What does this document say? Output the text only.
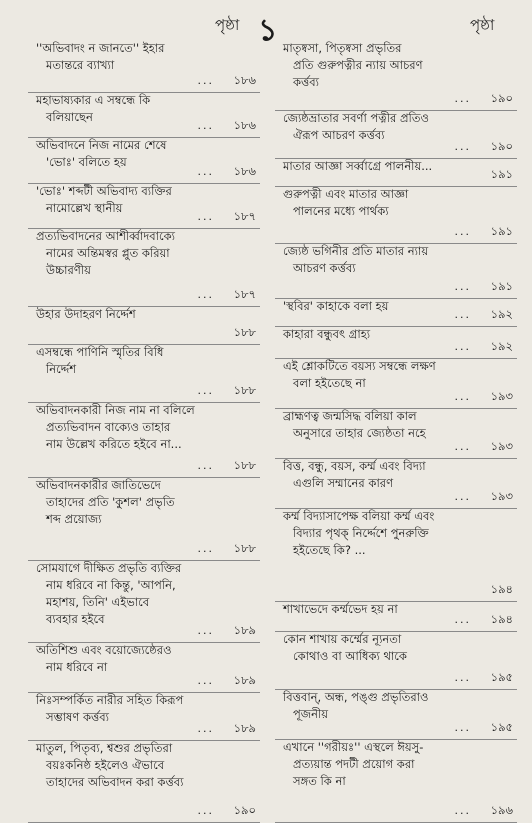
পৃষ্ঠা ১	পৃষ্ঠা
''অভিবাদং ন জানতে'' ইহার
মতান্তরে ব্যাখ্যা
... ১৮৬
মহাভাষ্যকার এ সম্বন্ধে কি
বলিয়াছেন
... ১৮৬
অভিবাদনে নিজ নামের শেষে
'ভোঃ' বলিতে হয়
... ১৮৬
'ভোঃ' শব্দটী অভিবাদ্য ব্যক্তির
নামোল্লেখ স্থানীয়
... ১৮৭
প্রত্যভিবাদনের আশীর্ব্বাদবাক্যে
নামের অন্তিমস্বর প্লুত করিয়া
উচ্চারণীয়
... ১৮৭
উহার উদাহরণ নির্দ্দেশ
১৮৮
এসম্বন্ধে পাণিনি স্মৃতির বিধি
নির্দ্দেশ
... ১৮৮
অভিবাদনকারী নিজ নাম না বলিলে
প্রত্যভিবাদন বাক্যেও তাহার
নাম উল্লেখ করিতে হইবে না...
... ১৮৮
অভিবাদনকারীর জাতিভেদে
তাহাদের প্রতি 'কুশল' প্রভৃতি
শব্দ প্রয়োজ্য
... ১৮৮
সোমযাগে দীক্ষিত প্রভৃতি ব্যক্তির
নাম ধরিবে না কিন্তু, 'আপনি,
মহাশয়, তিনি' এইভাবে
ব্যবহার হইবে
... ১৮৯
অতিশিশু এবং বয়োজ্যেষ্ঠেরও
নাম ধরিবে না
... ১৮৯
নিঃসম্পর্কিত নারীর সহিত কিরূপ
সম্ভাষণ কর্ত্তব্য
... ১৮৯
মাতুল, পিতৃব্য, শ্বশুর প্রভৃতিরা
বয়ঃকনিষ্ঠ হইলেও ঐভাবে
তাহাদের অভিবাদন করা কর্ত্তব্য
... ১৯০
মাতৃষ্বসা, পিতৃষ্বসা প্রভৃতির
প্রতি গুরুপত্নীর ন্যায় আচরণ
কর্ত্তব্য
... ১৯০
জ্যেষ্ঠভ্রাতার সবর্ণা পত্নীর প্রতিও
ঐরূপ আচরণ কর্ত্তব্য
... ১৯০
মাতার আজ্ঞা সর্ব্বাগ্রে পালনীয়...
১৯১
গুরুপত্নী এবং মাতার আজ্ঞা
পালনের মধ্যে পার্থক্য
... ১৯১
জ্যেষ্ঠ ভগিনীর প্রতি মাতার ন্যায়
আচরণ কর্ত্তব্য
... ১৯১
'স্থবির' কাহাকে বলা হয়
... ১৯২
কাহারা বন্ধুবৎ গ্রাহ্য
... ১৯২
এই শ্লোকটিতে বয়স্য সম্বন্ধে লক্ষণ
বলা হইতেছে না
... ১৯৩
ব্রাহ্মণত্ব জন্মসিদ্ধ বলিয়া কাল
অনুসারে তাহার জ্যেষ্ঠতা নহে
... ১৯৩
বিত্ত, বন্ধু, বয়স, কর্ম্ম এবং বিদ্যা
এগুলি সম্মানের কারণ
... ১৯৩
কর্ম্ম বিদ্যাসাপেক্ষ বলিয়া কর্ম্ম এবং
বিদ্যার পৃথক্ নির্দ্দেশে পুনরুক্তি
হইতেছে কি? ...
১৯৪
শাখাভেদে কর্ম্মভেদ হয় না
... ১৯৪
কোন শাখায় কর্ম্মের ন্যূনতা
কোথাও বা আধিক্য থাকে
... ১৯৫
বিত্তবান্, অন্ধ, পঙ্গু প্রভৃতিরাও
পূজনীয়
... ১৯৫
এখানে ''গরীয়ঃ'' এস্থলে ঈয়সু-
প্রত্যয়ান্ত পদটী প্রয়োগ করা
সঙ্গত কি না
... ১৯৬
